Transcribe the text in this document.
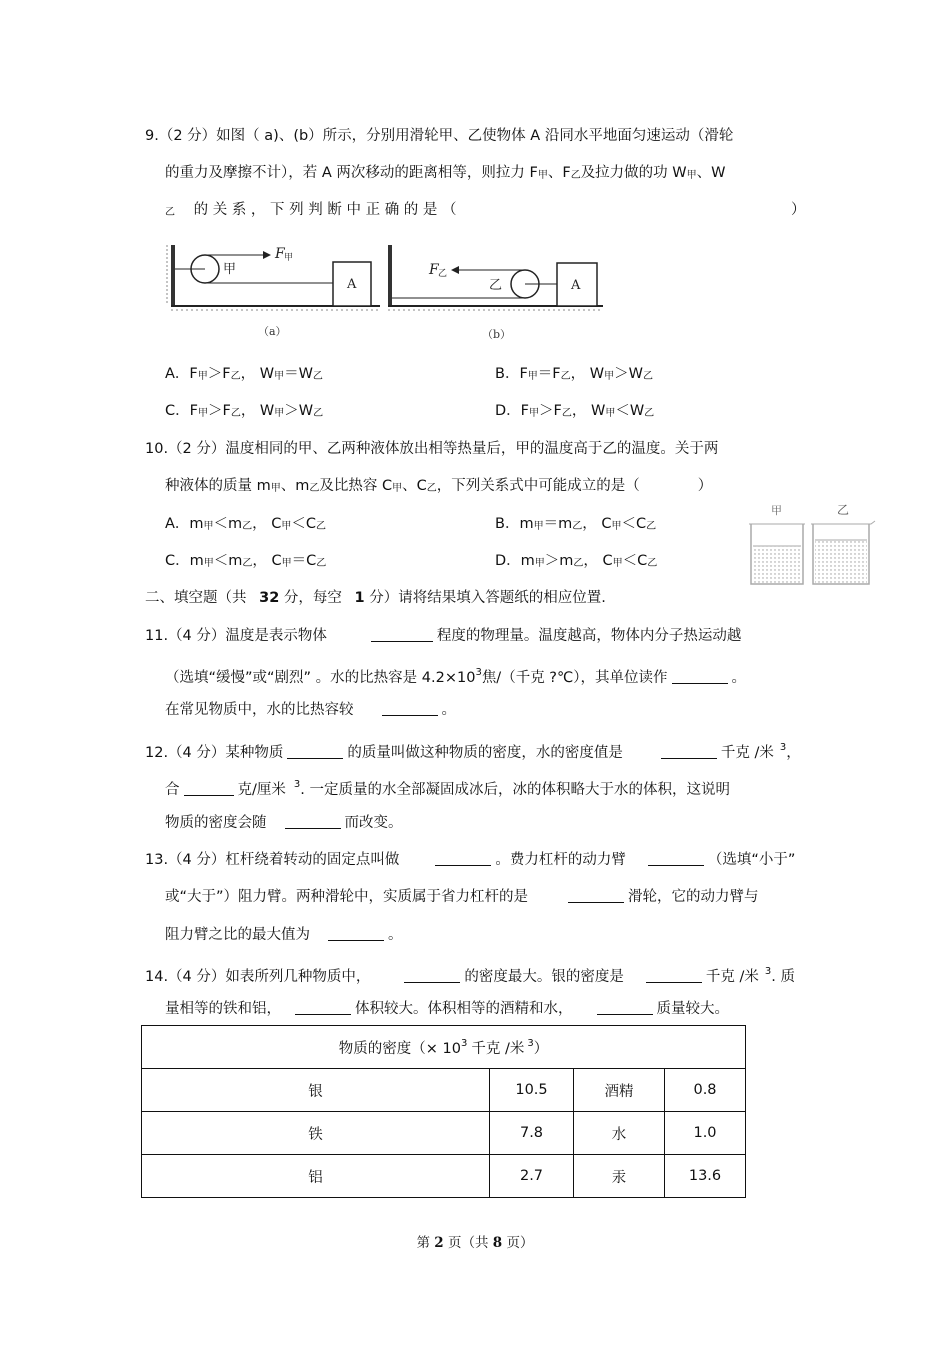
9.（2 分）如图（ a)、(b）所示，分别用滑轮甲、乙使物体 A 沿同水平地面匀速运动（滑轮
的重力及摩擦不计），若 A 两次移动的距离相等，则拉力 $F_甲$、$F_乙$及拉力做的功 $W_甲$、W
$_乙$ 的 关 系 ， 下 列 判 断 中 正 确 的 是 （	）
甲
F 甲
A
（a）
乙
F 乙
A
（b）
A．$F_甲>F_乙$， $W_甲=W_乙$	B．$F_甲=F_乙$， $W_甲>W_乙$
C．$F_甲>F_乙$， $W_甲>W_乙$	D．$F_甲>F_乙$， $W_甲<W_乙$
10.（2 分）温度相同的甲、乙两种液体放出相等热量后，甲的温度高于乙的温度。关于两
种液体的质量 $m_甲$、$m_乙$及比热容 $C_甲$、$C_乙$，下列关系式中可能成立的是（	）
A．$m_甲<m_乙$， $C_甲<C_乙$	B．$m_甲=m_乙$， $C_甲<C_乙$
C．$m_甲<m_乙$， $C_甲=C_乙$	D．$m_甲>m_乙$， $C_甲<C_乙$
甲	乙
二、填空题（共 32 分，每空 1 分）请将结果填入答题纸的相应位置.
11.（4 分）温度是表示物体	程度的物理量。温度越高，物体内分子热运动越
（选填“缓慢”或“剧烈” 。水的比热容是 $4.2\times 10^3$焦/（千克 ?℃），其单位读作	。
在常见物质中，水的比热容较	。
12.（4 分）某种物质	的质量叫做这种物质的密度，水的密度值是	千克 /米 $^3$，
合	克/厘米 $^3$. 一定质量的水全部凝固成冰后，冰的体积略大于水的体积，这说明
物质的密度会随	而改变。
13.（4 分）杠杆绕着转动的固定点叫做	。费力杠杆的动力臂	（选填“小于”
或“大于”）阻力臂。两种滑轮中，实质属于省力杠杆的是	滑轮，它的动力臂与
阻力臂之比的最大值为	。
14.（4 分）如表所列几种物质中，	的密度最大。银的密度是	千克 /米 $^3$. 质
量相等的铁和铝，	体积较大。体积相等的酒精和水，	质量较大。
物质的密度（× $10^3$ 千克 /米 $^3$）			
银	10.5	酒精	0.8
铁	7.8	水	1.0
铝	2.7	汞	13.6
第 2 页（共 8 页）
